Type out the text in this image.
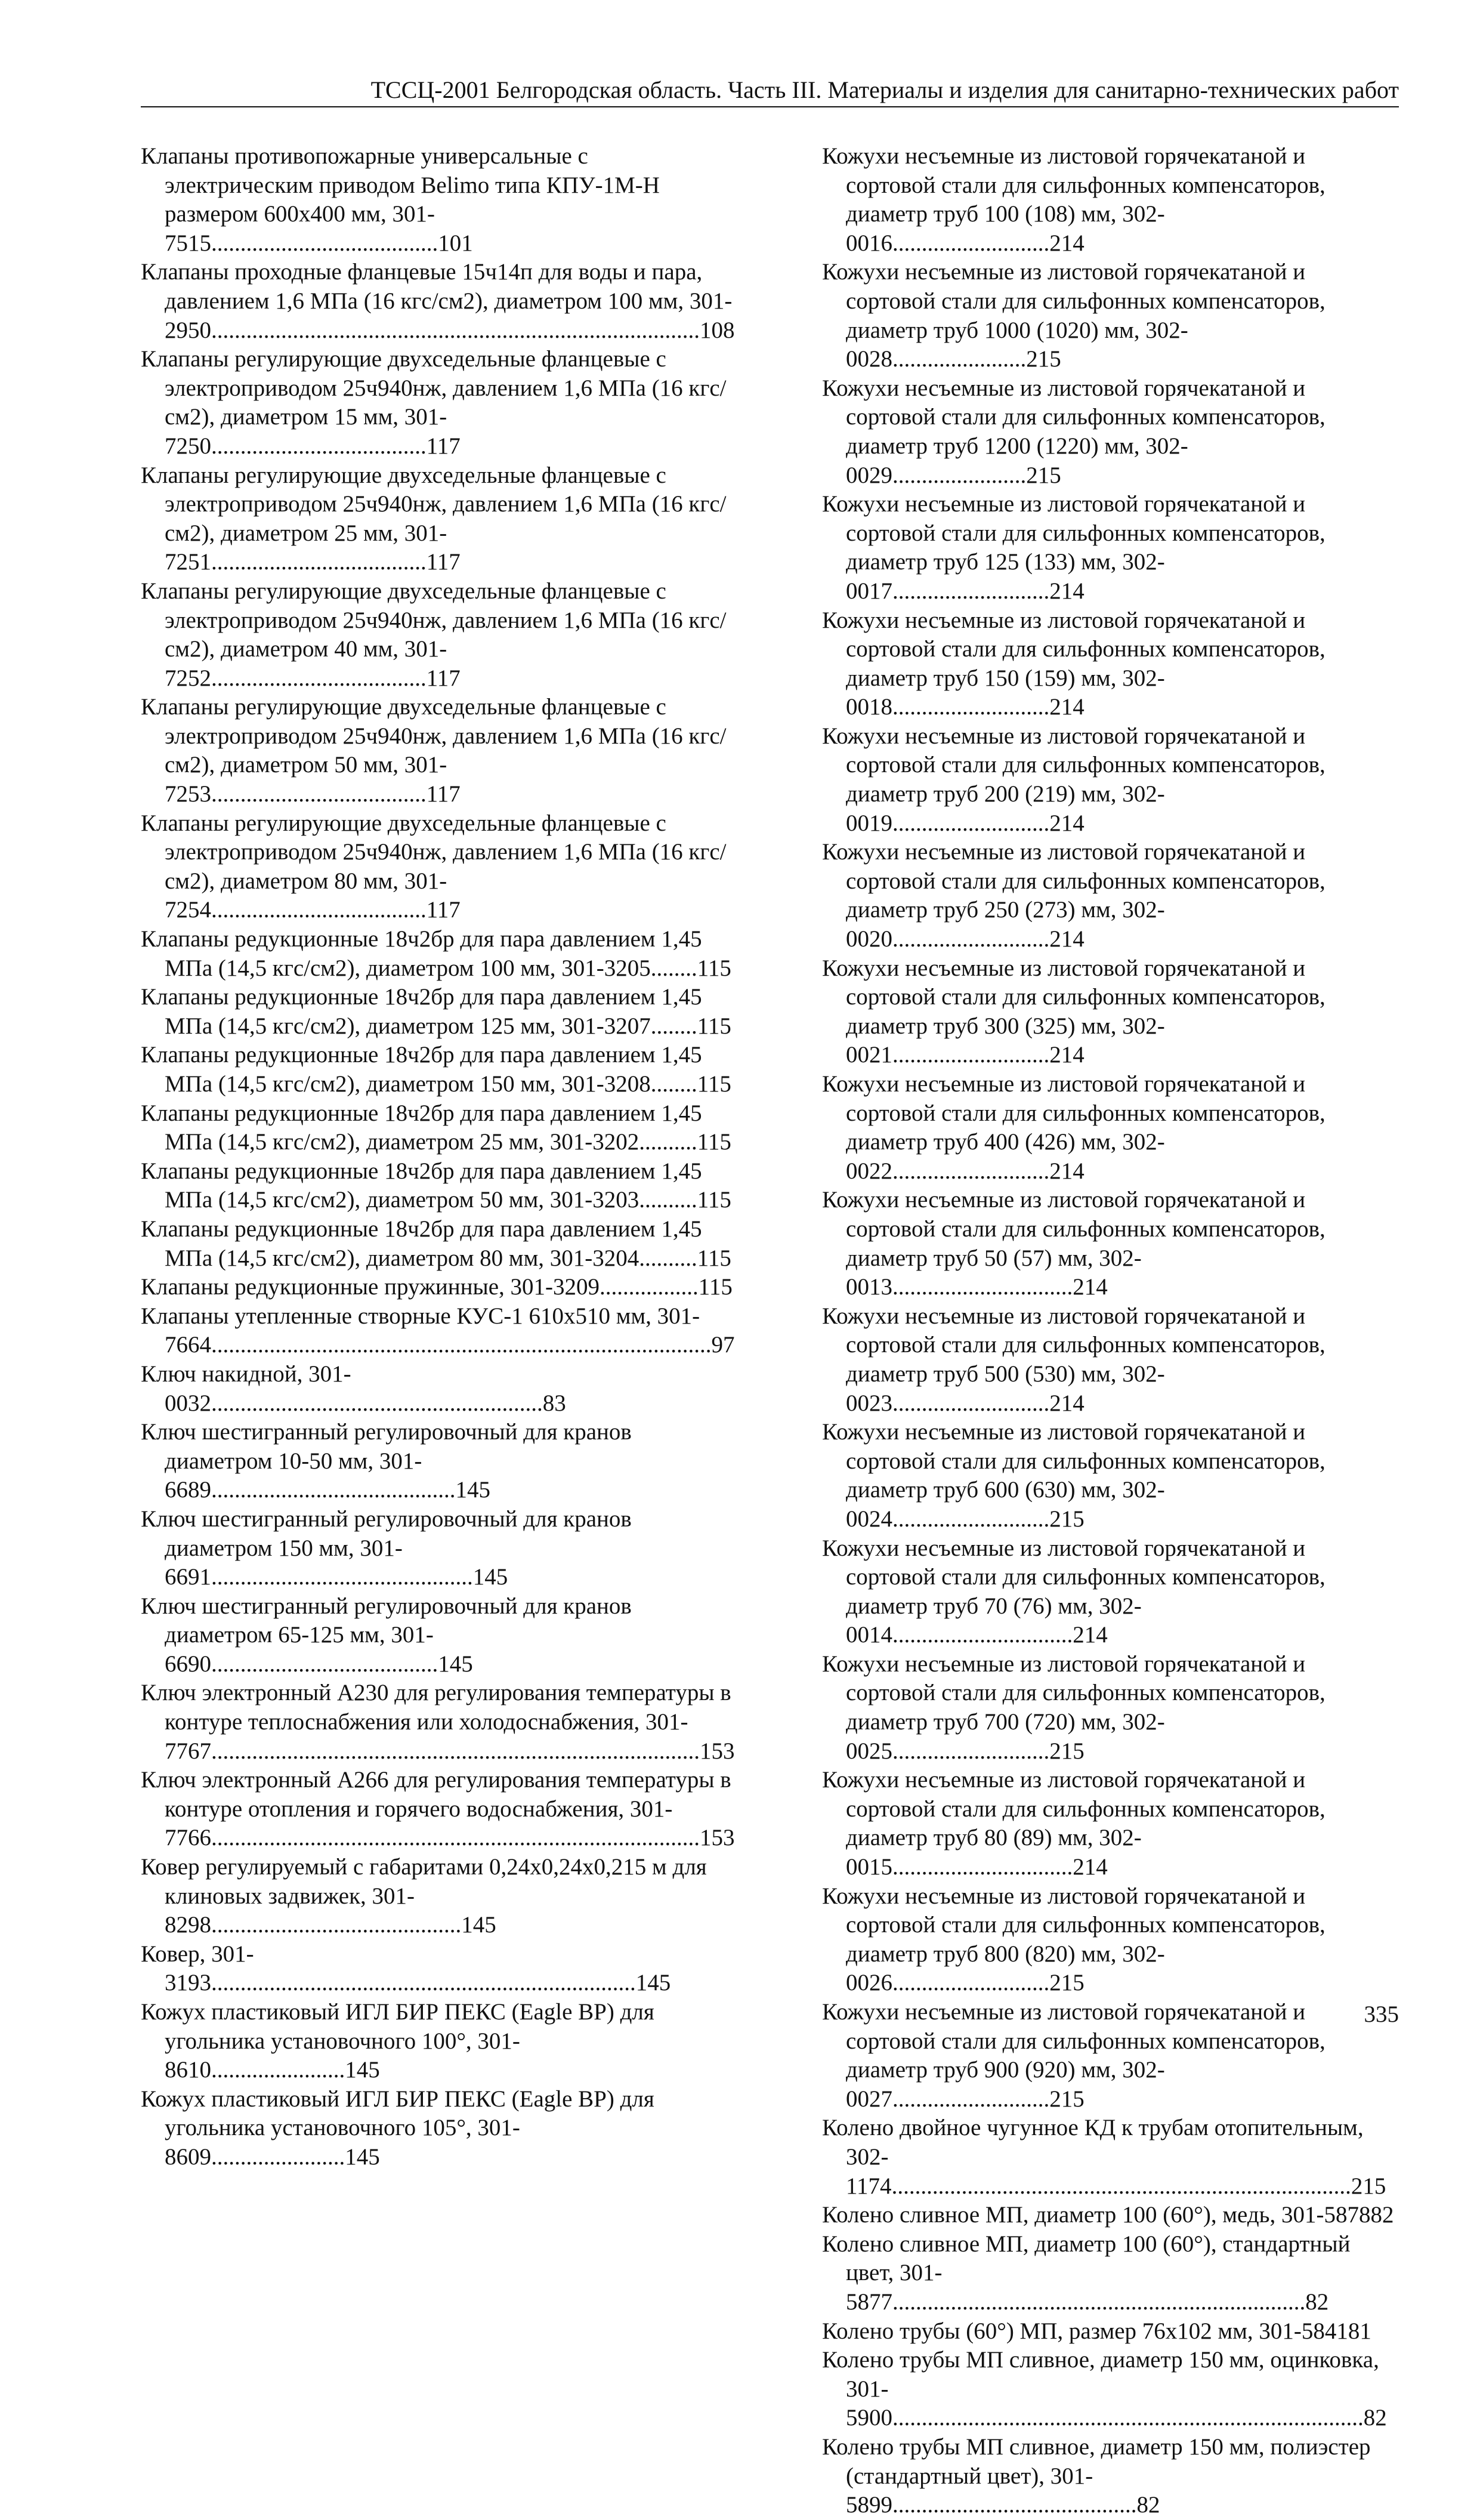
ТССЦ-2001 Белгородская область. Часть III. Материалы и изделия для санитарно-технических работ
Клапаны противопожарные универсальные с электрическим приводом Belimo типа КПУ-1М-Н размером 600х400 мм, 301-7515.......................................101
Клапаны проходные фланцевые 15ч14п для воды и пара, давлением 1,6 МПа (16 кгс/см2), диаметром 100 мм, 301-2950....................................................................................108
Клапаны регулирующие двухседельные фланцевые с электроприводом 25ч940нж, давлением 1,6 МПа (16 кгс/см2), диаметром 15 мм, 301-7250.....................................117
Клапаны регулирующие двухседельные фланцевые с электроприводом 25ч940нж, давлением 1,6 МПа (16 кгс/см2), диаметром 25 мм, 301-7251.....................................117
Клапаны регулирующие двухседельные фланцевые с электроприводом 25ч940нж, давлением 1,6 МПа (16 кгс/см2), диаметром 40 мм, 301-7252.....................................117
Клапаны регулирующие двухседельные фланцевые с электроприводом 25ч940нж, давлением 1,6 МПа (16 кгс/см2), диаметром 50 мм, 301-7253.....................................117
Клапаны регулирующие двухседельные фланцевые с электроприводом 25ч940нж, давлением 1,6 МПа (16 кгс/см2), диаметром 80 мм, 301-7254.....................................117
Клапаны редукционные 18ч2бр для пара давлением 1,45 МПа (14,5 кгс/см2), диаметром 100 мм, 301-3205........115
Клапаны редукционные 18ч2бр для пара давлением 1,45 МПа (14,5 кгс/см2), диаметром 125 мм, 301-3207........115
Клапаны редукционные 18ч2бр для пара давлением 1,45 МПа (14,5 кгс/см2), диаметром 150 мм, 301-3208........115
Клапаны редукционные 18ч2бр для пара давлением 1,45 МПа (14,5 кгс/см2), диаметром 25 мм, 301-3202..........115
Клапаны редукционные 18ч2бр для пара давлением 1,45 МПа (14,5 кгс/см2), диаметром 50 мм, 301-3203..........115
Клапаны редукционные 18ч2бр для пара давлением 1,45 МПа (14,5 кгс/см2), диаметром 80 мм, 301-3204..........115
Клапаны редукционные пружинные, 301-3209.................115
Клапаны утепленные створные КУС-1 610х510 мм, 301-7664......................................................................................97
Ключ накидной, 301-0032.........................................................83
Ключ шестигранный регулировочный для кранов диаметром 10-50 мм, 301-6689..........................................145
Ключ шестигранный регулировочный для кранов диаметром 150 мм, 301-6691.............................................145
Ключ шестигранный регулировочный для кранов диаметром 65-125 мм, 301-6690.......................................145
Ключ электронный А230 для регулирования температуры в контуре теплоснабжения или холодоснабжения, 301-7767....................................................................................153
Ключ электронный А266 для регулирования температуры в контуре отопления и горячего водоснабжения, 301-7766....................................................................................153
Ковер регулируемый с габаритами 0,24х0,24х0,215 м для клиновых задвижек, 301-8298...........................................145
Ковер, 301-3193.........................................................................145
Кожух пластиковый ИГЛ БИР ПЕКС (Eagle BP) для угольника установочного 100°, 301-8610.......................145
Кожух пластиковый ИГЛ БИР ПЕКС (Eagle BP) для угольника установочного 105°, 301-8609.......................145
Кожухи несъемные из листовой горячекатаной и сортовой стали для сильфонных компенсаторов, диаметр труб 100 (108) мм, 302-0016...........................214
Кожухи несъемные из листовой горячекатаной и сортовой стали для сильфонных компенсаторов, диаметр труб 1000 (1020) мм, 302-0028.......................215
Кожухи несъемные из листовой горячекатаной и сортовой стали для сильфонных компенсаторов, диаметр труб 1200 (1220) мм, 302-0029.......................215
Кожухи несъемные из листовой горячекатаной и сортовой стали для сильфонных компенсаторов, диаметр труб 125 (133) мм, 302-0017...........................214
Кожухи несъемные из листовой горячекатаной и сортовой стали для сильфонных компенсаторов, диаметр труб 150 (159) мм, 302-0018...........................214
Кожухи несъемные из листовой горячекатаной и сортовой стали для сильфонных компенсаторов, диаметр труб 200 (219) мм, 302-0019...........................214
Кожухи несъемные из листовой горячекатаной и сортовой стали для сильфонных компенсаторов, диаметр труб 250 (273) мм, 302-0020...........................214
Кожухи несъемные из листовой горячекатаной и сортовой стали для сильфонных компенсаторов, диаметр труб 300 (325) мм, 302-0021...........................214
Кожухи несъемные из листовой горячекатаной и сортовой стали для сильфонных компенсаторов, диаметр труб 400 (426) мм, 302-0022...........................214
Кожухи несъемные из листовой горячекатаной и сортовой стали для сильфонных компенсаторов, диаметр труб 50 (57) мм, 302-0013...............................214
Кожухи несъемные из листовой горячекатаной и сортовой стали для сильфонных компенсаторов, диаметр труб 500 (530) мм, 302-0023...........................214
Кожухи несъемные из листовой горячекатаной и сортовой стали для сильфонных компенсаторов, диаметр труб 600 (630) мм, 302-0024...........................215
Кожухи несъемные из листовой горячекатаной и сортовой стали для сильфонных компенсаторов, диаметр труб 70 (76) мм, 302-0014...............................214
Кожухи несъемные из листовой горячекатаной и сортовой стали для сильфонных компенсаторов, диаметр труб 700 (720) мм, 302-0025...........................215
Кожухи несъемные из листовой горячекатаной и сортовой стали для сильфонных компенсаторов, диаметр труб 80 (89) мм, 302-0015...............................214
Кожухи несъемные из листовой горячекатаной и сортовой стали для сильфонных компенсаторов, диаметр труб 800 (820) мм, 302-0026...........................215
Кожухи несъемные из листовой горячекатаной и сортовой стали для сильфонных компенсаторов, диаметр труб 900 (920) мм, 302-0027...........................215
Колено двойное чугунное КД к трубам отопительным, 302-1174...............................................................................215
Колено сливное МП, диаметр 100 (60°), медь, 301-587882
Колено сливное МП, диаметр 100 (60°), стандартный цвет, 301-5877.......................................................................82
Колено трубы (60°) МП, размер 76х102 мм, 301-584181
Колено трубы МП сливное, диаметр 150 мм, оцинковка, 301-5900.................................................................................82
Колено трубы МП сливное, диаметр 150 мм, полиэстер (стандартный цвет), 301-5899..........................................82
335
